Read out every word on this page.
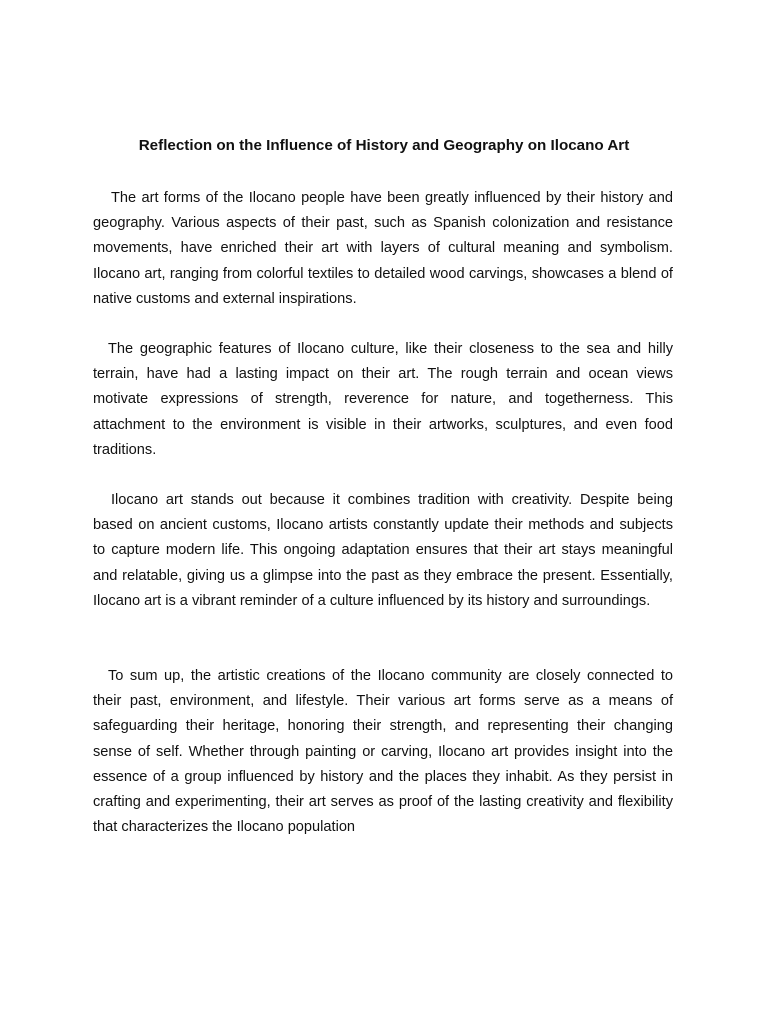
Reflection on the Influence of History and Geography on Ilocano Art

The art forms of the Ilocano people have been greatly influenced by their history and geography. Various aspects of their past, such as Spanish colonization and resistance movements, have enriched their art with layers of cultural meaning and symbolism. Ilocano art, ranging from colorful textiles to detailed wood carvings, showcases a blend of native customs and external inspirations.

The geographic features of Ilocano culture, like their closeness to the sea and hilly terrain, have had a lasting impact on their art. The rough terrain and ocean views motivate expressions of strength, reverence for nature, and togetherness. This attachment to the environment is visible in their artworks, sculptures, and even food traditions.

Ilocano art stands out because it combines tradition with creativity. Despite being based on ancient customs, Ilocano artists constantly update their methods and subjects to capture modern life. This ongoing adaptation ensures that their art stays meaningful and relatable, giving us a glimpse into the past as they embrace the present. Essentially, Ilocano art is a vibrant reminder of a culture influenced by its history and surroundings.

To sum up, the artistic creations of the Ilocano community are closely connected to their past, environment, and lifestyle. Their various art forms serve as a means of safeguarding their heritage, honoring their strength, and representing their changing sense of self. Whether through painting or carving, Ilocano art provides insight into the essence of a group influenced by history and the places they inhabit. As they persist in crafting and experimenting, their art serves as proof of the lasting creativity and flexibility that characterizes the Ilocano population
